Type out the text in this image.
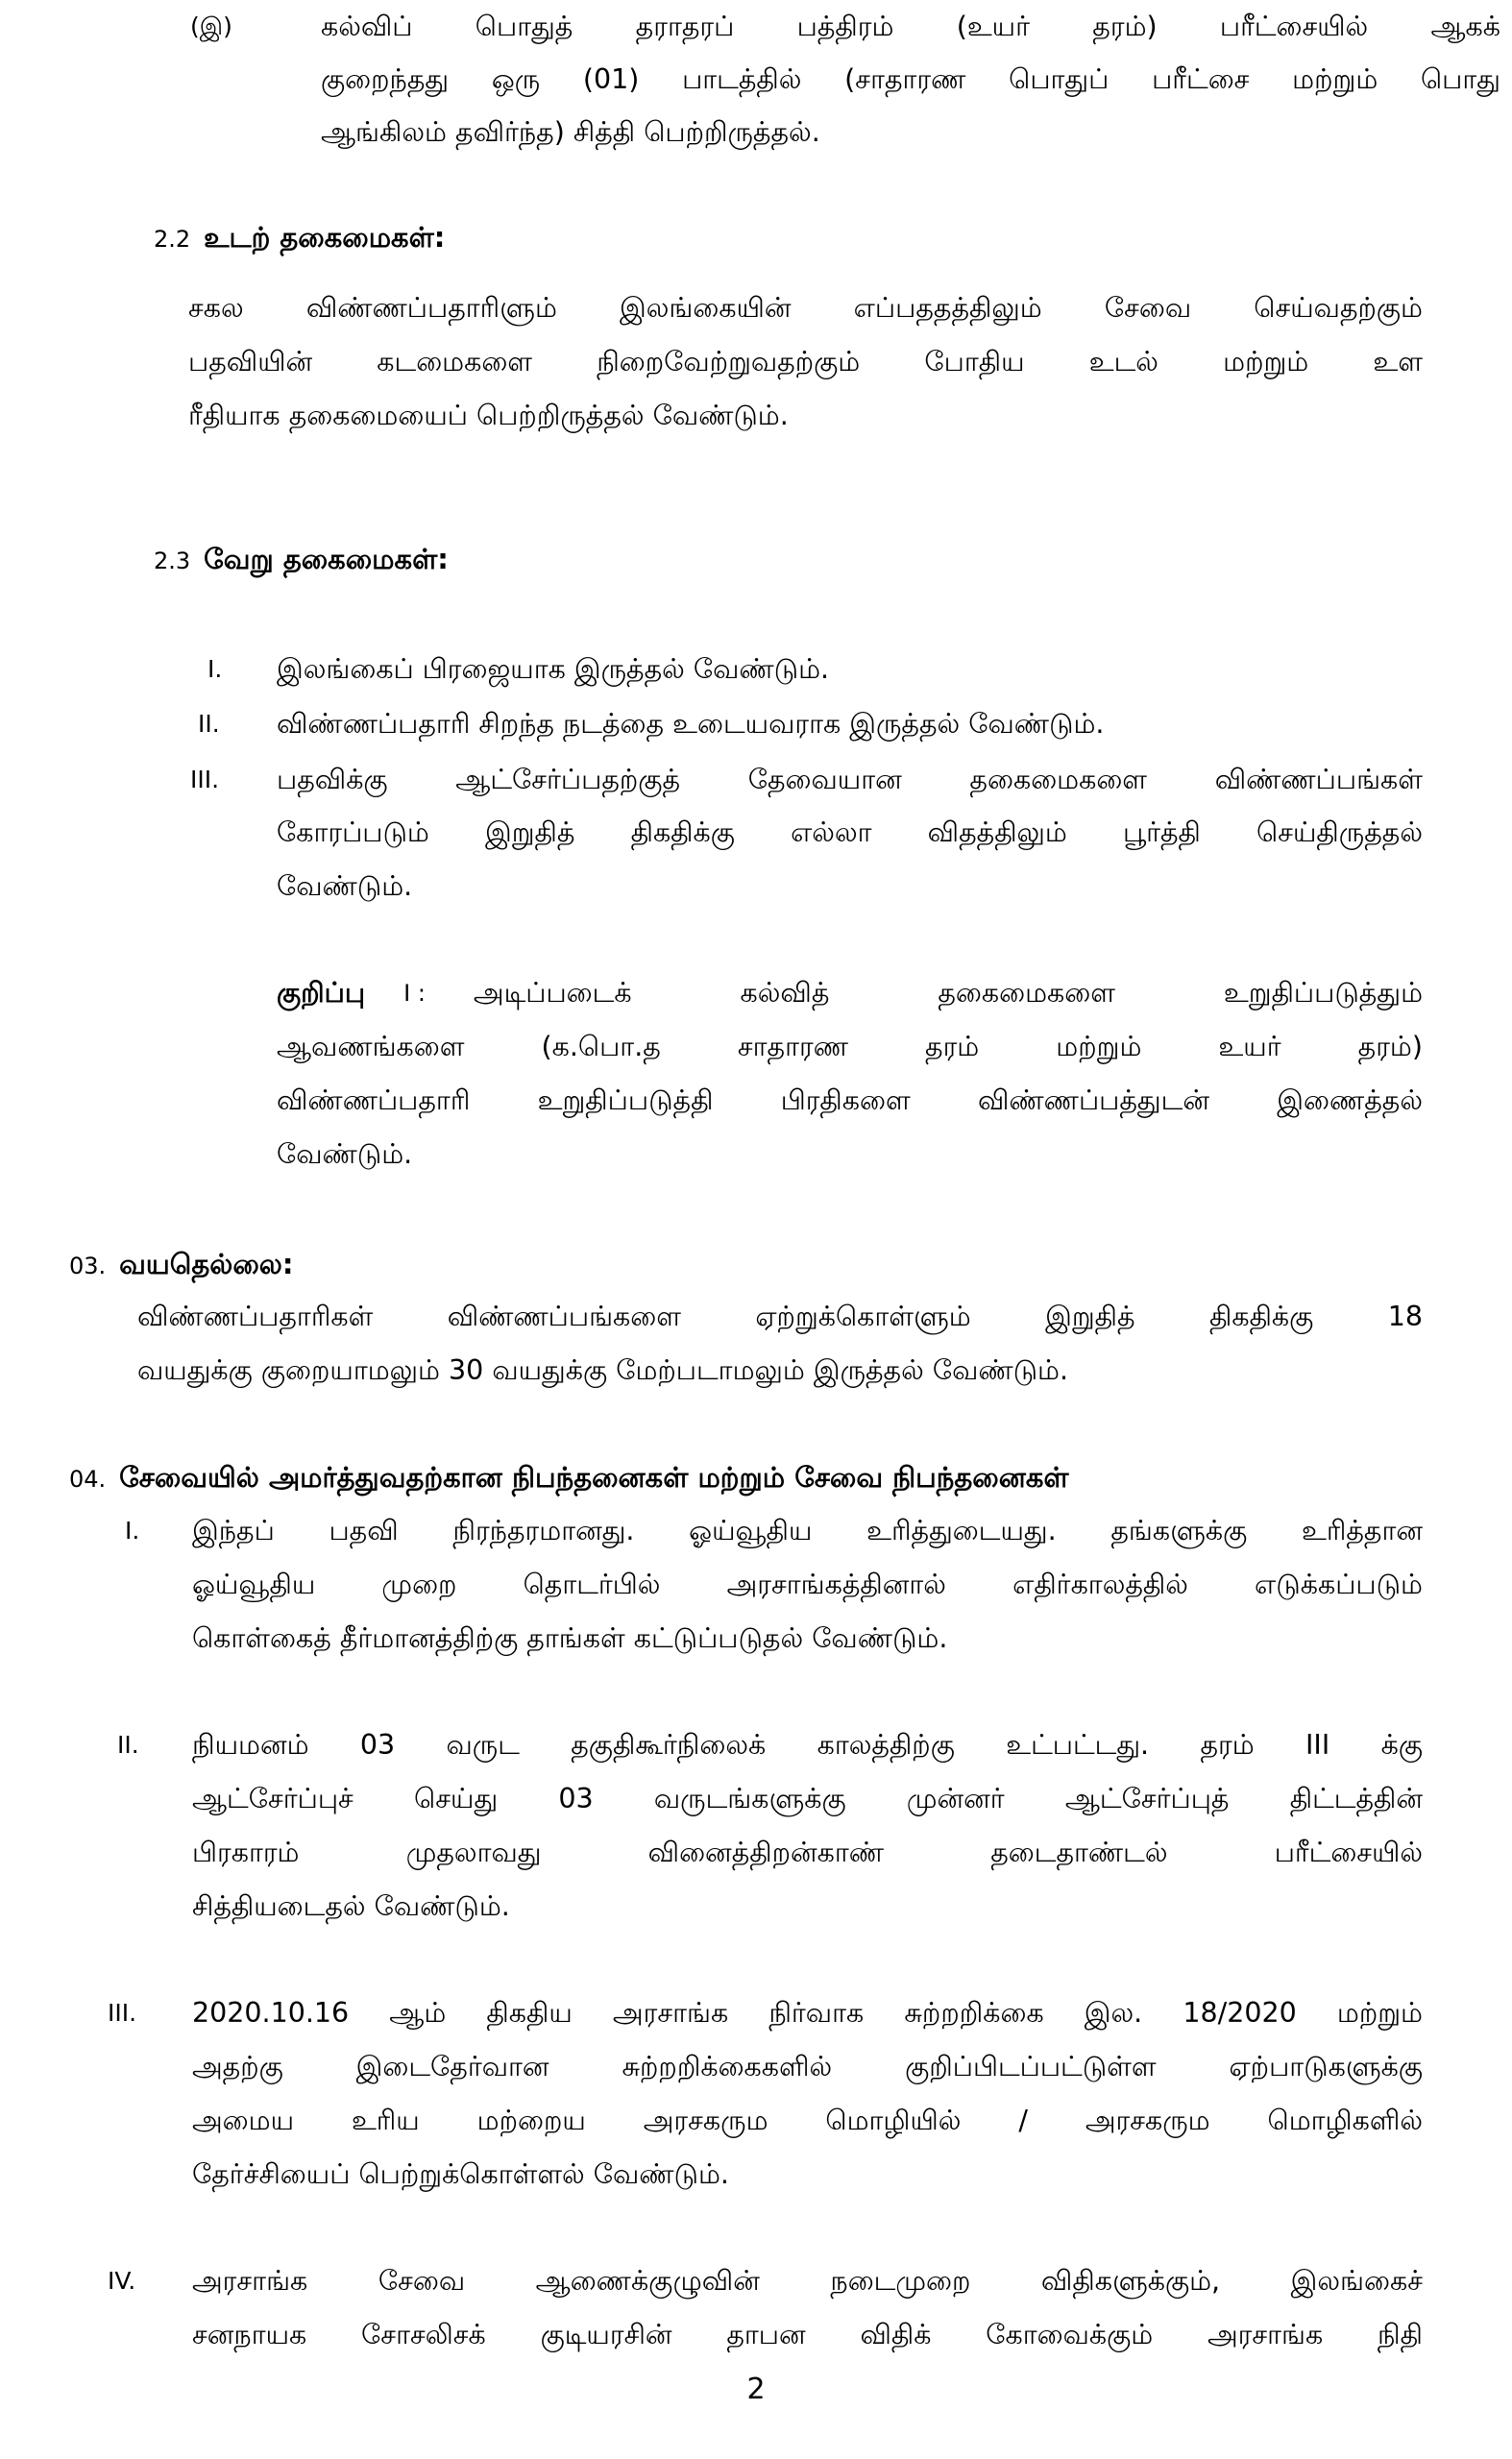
(இ)	கல்விப் பொதுத் தராதரப் பத்திரம் (உயர் தரம்) பரீட்சையில் ஆகக்
குறைந்தது ஒரு (01) பாடத்தில் (சாதாரண பொதுப் பரீட்சை மற்றும் பொது
ஆங்கிலம் தவிர்ந்த) சித்தி பெற்றிருத்தல்.
2.2 உடற் தகைமைகள்:
சகல விண்ணப்பதாரிளும் இலங்கையின் எப்பததத்திலும் சேவை செய்வதற்கும்
பதவியின் கடமைகளை நிறைவேற்றுவதற்கும் போதிய உடல் மற்றும் உள
ரீதியாக தகைமையைப் பெற்றிருத்தல் வேண்டும்.
2.3 வேறு தகைமைகள்:
I. இலங்கைப் பிரஜையாக இருத்தல் வேண்டும்.
II. விண்ணப்பதாரி சிறந்த நடத்தை உடையவராக இருத்தல் வேண்டும்.
III. பதவிக்கு ஆட்சேர்ப்பதற்குத் தேவையான தகைமைகளை விண்ணப்பங்கள்
கோரப்படும் இறுதித் திகதிக்கு எல்லா விதத்திலும் பூர்த்தி செய்திருத்தல்
வேண்டும்.
குறிப்பு I : அடிப்படைக் கல்வித் தகைமைகளை உறுதிப்படுத்தும்
ஆவணங்களை (க.பொ.த சாதாரண தரம் மற்றும் உயர் தரம்)
விண்ணப்பதாரி உறுதிப்படுத்தி பிரதிகளை விண்ணப்பத்துடன் இணைத்தல்
வேண்டும்.
03. வயதெல்லை:
விண்ணப்பதாரிகள் விண்ணப்பங்களை ஏற்றுக்கொள்ளும் இறுதித் திகதிக்கு 18
வயதுக்கு குறையாமலும் 30 வயதுக்கு மேற்படாமலும் இருத்தல் வேண்டும்.
04. சேவையில் அமர்த்துவதற்கான நிபந்தனைகள் மற்றும் சேவை நிபந்தனைகள்
I. இந்தப் பதவி நிரந்தரமானது. ஓய்வூதிய உரித்துடையது. தங்களுக்கு உரித்தான
ஓய்வூதிய முறை தொடர்பில் அரசாங்கத்தினால் எதிர்காலத்தில் எடுக்கப்படும்
கொள்கைத் தீர்மானத்திற்கு தாங்கள் கட்டுப்படுதல் வேண்டும்.
II. நியமனம் 03 வருட தகுதிகூர்நிலைக் காலத்திற்கு உட்பட்டது. தரம் III க்கு
ஆட்சேர்ப்புச் செய்து 03 வருடங்களுக்கு முன்னர் ஆட்சேர்ப்புத் திட்டத்தின்
பிரகாரம் முதலாவது வினைத்திறன்காண் தடைதாண்டல் பரீட்சையில்
சித்தியடைதல் வேண்டும்.
III. 2020.10.16 ஆம் திகதிய அரசாங்க நிர்வாக சுற்றறிக்கை இல. 18/2020 மற்றும்
அதற்கு இடைதேர்வான சுற்றறிக்கைகளில் குறிப்பிடப்பட்டுள்ள ஏற்பாடுகளுக்கு
அமைய உரிய மற்றைய அரசகரும மொழியில் / அரசகரும மொழிகளில்
தேர்ச்சியைப் பெற்றுக்கொள்ளல் வேண்டும்.
IV. அரசாங்க சேவை ஆணைக்குழுவின் நடைமுறை விதிகளுக்கும், இலங்கைச்
சனநாயக சோசலிசக் குடியரசின் தாபன விதிக் கோவைக்கும் அரசாங்க நிதி
2
